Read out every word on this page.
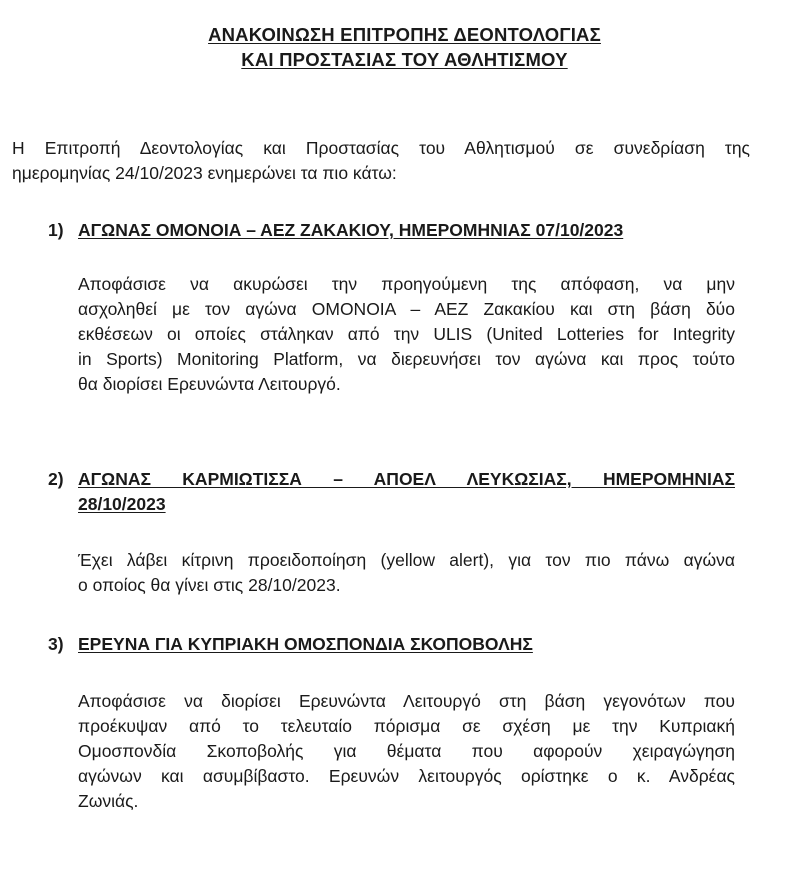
ΑΝΑΚΟΙΝΩΣΗ ΕΠΙΤΡΟΠΗΣ ΔΕΟΝΤΟΛΟΓΙΑΣ
ΚΑΙ ΠΡΟΣΤΑΣΙΑΣ ΤΟΥ ΑΘΛΗΤΙΣΜΟΥ
Η Επιτροπή Δεοντολογίας και Προστασίας του Αθλητισμού σε συνεδρίαση της
ημερομηνίας 24/10/2023 ενημερώνει τα πιο κάτω:
1) ΑΓΩΝΑΣ ΟΜΟΝΟΙΑ – ΑΕΖ ΖΑΚΑΚΙΟΥ, ΗΜΕΡΟΜΗΝΙΑΣ 07/10/2023
Αποφάσισε να ακυρώσει την προηγούμενη της απόφαση, να μην
ασχοληθεί με τον αγώνα ΟΜΟΝΟΙΑ – ΑΕΖ Ζακακίου και στη βάση δύο
εκθέσεων οι οποίες στάληκαν από την ULIS (United Lotteries for Integrity
in Sports) Monitoring Platform, να διερευνήσει τον αγώνα και προς τούτο
θα διορίσει Ερευνώντα Λειτουργό.
2) ΑΓΩΝΑΣ ΚΑΡΜΙΩΤΙΣΣΑ – ΑΠΟΕΛ ΛΕΥΚΩΣΙΑΣ, ΗΜΕΡΟΜΗΝΙΑΣ
28/10/2023
Έχει λάβει κίτρινη προειδοποίηση (yellow alert), για τον πιο πάνω αγώνα
ο οποίος θα γίνει στις 28/10/2023.
3) ΕΡΕΥΝΑ ΓΙΑ ΚΥΠΡΙΑΚΗ ΟΜΟΣΠΟΝΔΙΑ ΣΚΟΠΟΒΟΛΗΣ
Αποφάσισε να διορίσει Ερευνώντα Λειτουργό στη βάση γεγονότων που
προέκυψαν από το τελευταίο πόρισμα σε σχέση με την Κυπριακή
Ομοσπονδία Σκοποβολής για θέματα που αφορούν χειραγώγηση
αγώνων και ασυμβίβαστο. Ερευνών λειτουργός ορίστηκε ο κ. Ανδρέας
Ζωνιάς.
